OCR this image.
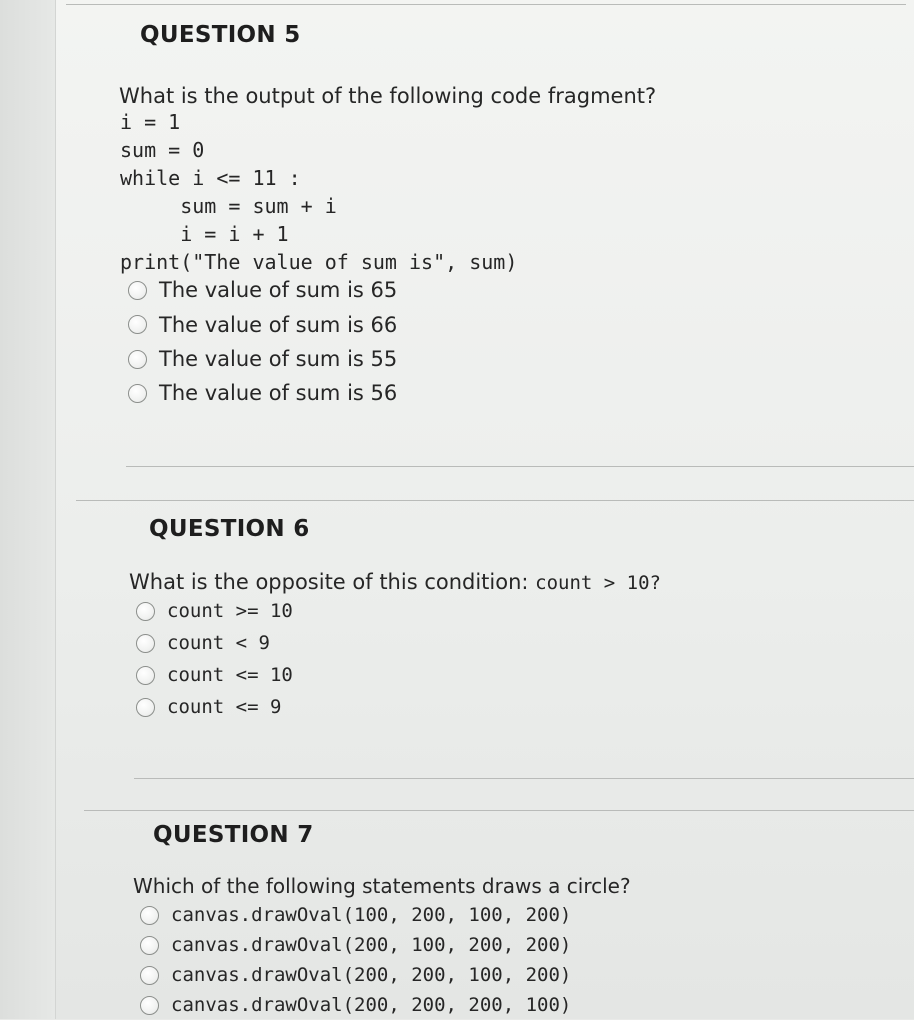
QUESTION 5
What is the output of the following code fragment?
i = 1
sum = 0
while i <= 11 :
sum = sum + i
i = i + 1
print("The value of sum is", sum)
The value of sum is 65
The value of sum is 66
The value of sum is 55
The value of sum is 56
QUESTION 6
What is the opposite of this condition: count > 10?
count >= 10
count < 9
count <= 10
count <= 9
QUESTION 7
Which of the following statements draws a circle?
canvas.drawOval(100, 200, 100, 200)
canvas.drawOval(200, 100, 200, 200)
canvas.drawOval(200, 200, 100, 200)
canvas.drawOval(200, 200, 200, 100)
